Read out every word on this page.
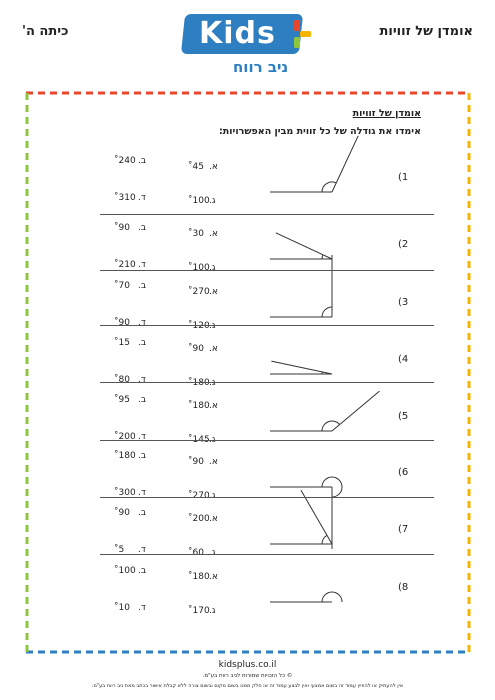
כיתה ה'	אומדן של זוויות
Kids
ניב רווח
אומדן של זוויות
אימדו את גודלה של כל זווית מבין האפשרויות:
1)
א.
45˚
ב.
240˚
ג.
100˚
ד.
310˚
2)
א.
30˚
ב.
90˚
ג.
100˚
ד.
210˚
3)
א.
270˚
ב.
70˚
ג.
120˚
ד.
90˚
4)
א.
90˚
ב.
15˚
ג.
180˚
ד.
80˚
5)
א.
180˚
ב.
95˚
ג.
145˚
ד.
200˚
6)
א.
90˚
ב.
180˚
ג.
270˚
ד.
300˚
7)
א.
200˚
ב.
90˚
ג.
60˚
ד.
5˚
8)
א.
180˚
ב.
100˚
ג.
170˚
ד.
10˚
kidsplus.co.il
© כל הזכויות שמורות לניב רווח בע"מ.
אין להעתיק או להפיץ עמוד זה בשום אמצעי ואין לבצע עמוד זה או חלק ממנו בשום מקום ובשום צורה ללא קבלת אישור בכתב מאת ניב רווח בע"מ.
